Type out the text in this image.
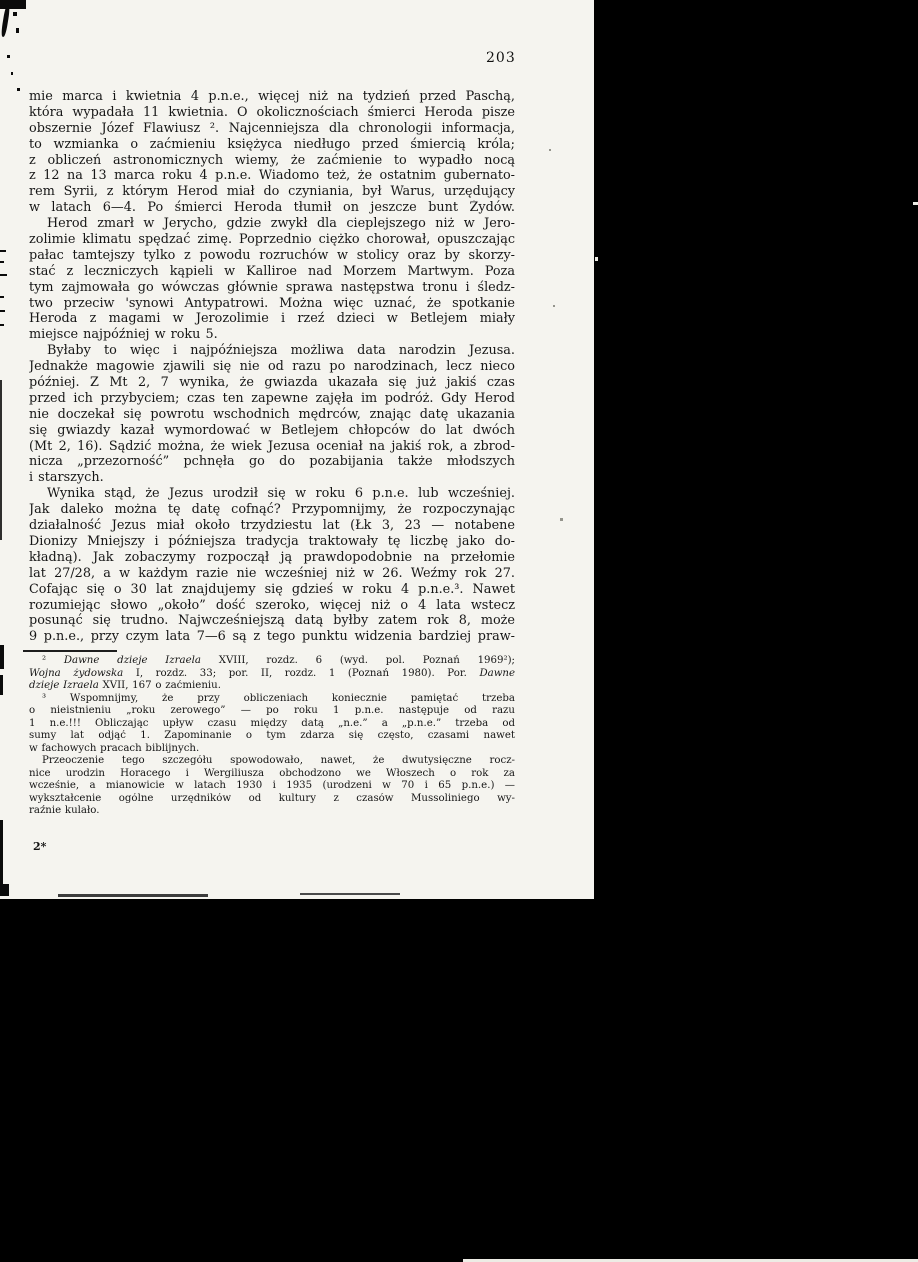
203
mie marca i kwietnia 4 p.n.e., więcej niż na tydzień przed Paschą,
która wypadała 11 kwietnia. O okolicznościach śmierci Heroda pisze
obszernie Józef Flawiusz ². Najcenniejsza dla chronologii informacja,
to wzmianka o zaćmieniu księżyca niedługo przed śmiercią króla;
z obliczeń astronomicznych wiemy, że zaćmienie to wypadło nocą
z 12 na 13 marca roku 4 p.n.e. Wiadomo też, że ostatnim gubernato-
rem Syrii, z którym Herod miał do czyniania, był Warus, urzędujący
w latach 6—4. Po śmierci Heroda tłumił on jeszcze bunt Żydów.
Herod zmarł w Jerycho, gdzie zwykł dla cieplejszego niż w Jero-
zolimie klimatu spędzać zimę. Poprzednio ciężko chorował, opuszczając
pałac tamtejszy tylko z powodu rozruchów w stolicy oraz by skorzy-
stać z leczniczych kąpieli w Kalliroe nad Morzem Martwym. Poza
tym zajmowała go wówczas głównie sprawa następstwa tronu i śledz-
two przeciw 'synowi Antypatrowi. Można więc uznać, że spotkanie
Heroda z magami w Jerozolimie i rzeź dzieci w Betlejem miały
miejsce najpóźniej w roku 5.
Byłaby to więc i najpóźniejsza możliwa data narodzin Jezusa.
Jednakże magowie zjawili się nie od razu po narodzinach, lecz nieco
później. Z Mt 2, 7 wynika, że gwiazda ukazała się już jakiś czas
przed ich przybyciem; czas ten zapewne zajęła im podróż. Gdy Herod
nie doczekał się powrotu wschodnich mędrców, znając datę ukazania
się gwiazdy kazał wymordować w Betlejem chłopców do lat dwóch
(Mt 2, 16). Sądzić można, że wiek Jezusa oceniał na jakiś rok, a zbrod-
nicza „przezorność” pchnęła go do pozabijania także młodszych
i starszych.
Wynika stąd, że Jezus urodził się w roku 6 p.n.e. lub wcześniej.
Jak daleko można tę datę cofnąć? Przypomnijmy, że rozpoczynając
działalność Jezus miał około trzydziestu lat (Łk 3, 23 — notabene
Dionizy Mniejszy i późniejsza tradycja traktowały tę liczbę jako do-
kładną). Jak zobaczymy rozpoczął ją prawdopodobnie na przełomie
lat 27/28, a w każdym razie nie wcześniej niż w 26. Weźmy rok 27.
Cofając się o 30 lat znajdujemy się gdzieś w roku 4 p.n.e.³. Nawet
rozumiejąc słowo „około” dość szeroko, więcej niż o 4 lata wstecz
posunąć się trudno. Najwcześniejszą datą byłby zatem rok 8, może
9 p.n.e., przy czym lata 7—6 są z tego punktu widzenia bardziej praw-
² Dawne dzieje Izraela XVIII, rozdz. 6 (wyd. pol. Poznań 1969²);
Wojna żydowska I, rozdz. 33; por. II, rozdz. 1 (Poznań 1980). Por. Dawne
dzieje Izraela XVII, 167 o zaćmieniu.
³ Wspomnijmy, że przy obliczeniach koniecznie pamiętać trzeba
o nieistnieniu „roku zerowego” — po roku 1 p.n.e. następuje od razu
1 n.e.!!! Obliczając upływ czasu między datą „n.e.” a „p.n.e.” trzeba od
sumy lat odjąć 1. Zapominanie o tym zdarza się często, czasami nawet
w fachowych pracach biblijnych.
Przeoczenie tego szczegółu spowodowało, nawet, że dwutysięczne rocz-
nice urodzin Horacego i Wergiliusza obchodzono we Włoszech o rok za
wcześnie, a mianowicie w latach 1930 i 1935 (urodzeni w 70 i 65 p.n.e.) —
wykształcenie ogólne urzędników od kultury z czasów Mussoliniego wy-
raźnie kulało.
2*
